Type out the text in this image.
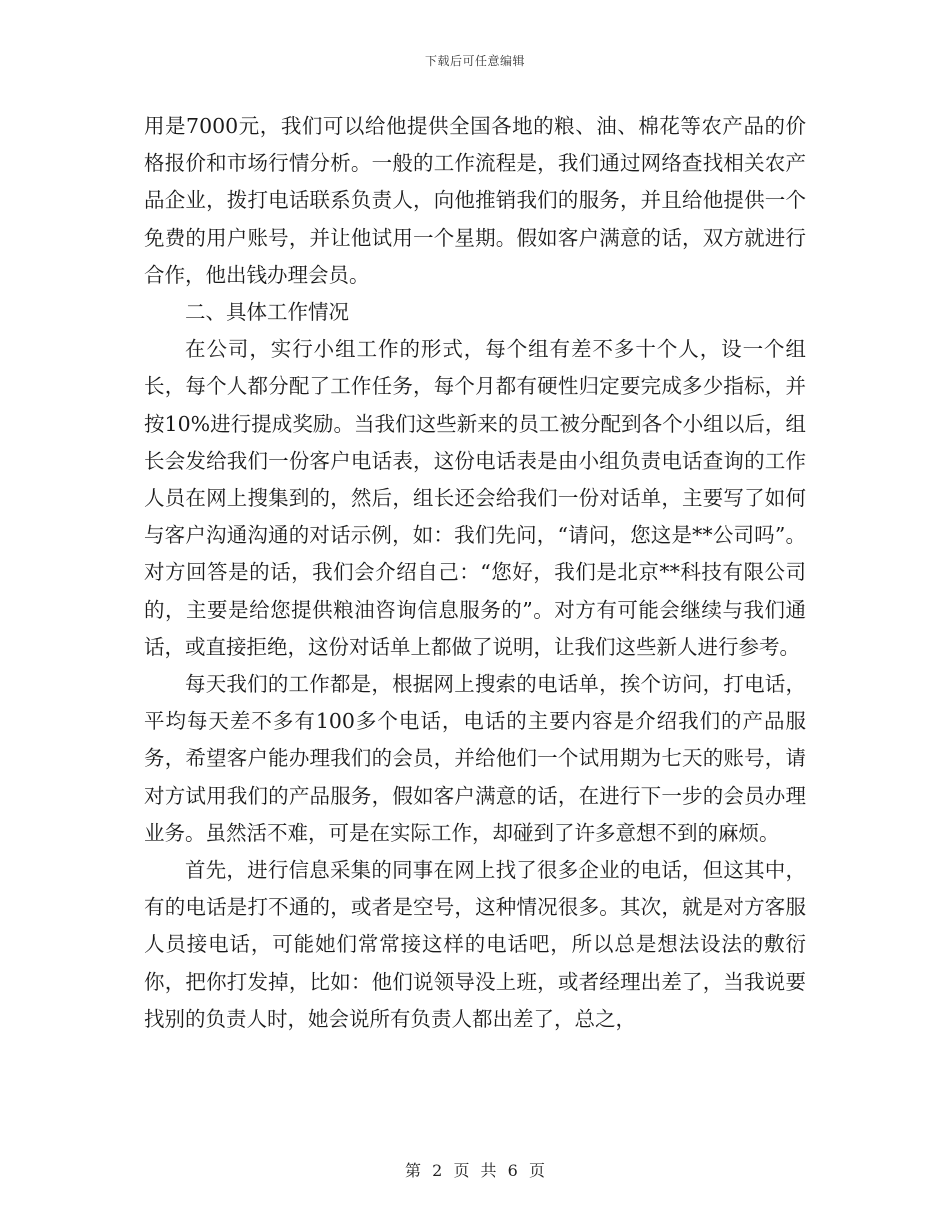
下载后可任意编辑

用是7000元，我们可以给他提供全国各地的粮、油、棉花等农产品的价格报价和市场行情分析。一般的工作流程是，我们通过网络查找相关农产品企业，拨打电话联系负责人，向他推销我们的服务，并且给他提供一个免费的用户账号，并让他试用一个星期。假如客户满意的话，双方就进行合作，他出钱办理会员。

二、具体工作情况

在公司，实行小组工作的形式，每个组有差不多十个人，设一个组长，每个人都分配了工作任务，每个月都有硬性归定要完成多少指标，并按10%进行提成奖励。当我们这些新来的员工被分配到各个小组以后，组长会发给我们一份客户电话表，这份电话表是由小组负责电话查询的工作人员在网上搜集到的，然后，组长还会给我们一份对话单，主要写了如何与客户沟通沟通的对话示例，如：我们先问，“请问，您这是**公司吗”。对方回答是的话，我们会介绍自己：“您好，我们是北京**科技有限公司的，主要是给您提供粮油咨询信息服务的”。对方有可能会继续与我们通话，或直接拒绝，这份对话单上都做了说明，让我们这些新人进行参考。

每天我们的工作都是，根据网上搜索的电话单，挨个访问，打电话，平均每天差不多有100多个电话，电话的主要内容是介绍我们的产品服务，希望客户能办理我们的会员，并给他们一个试用期为七天的账号，请对方试用我们的产品服务，假如客户满意的话，在进行下一步的会员办理业务。虽然活不难，可是在实际工作，却碰到了许多意想不到的麻烦。

首先，进行信息采集的同事在网上找了很多企业的电话，但这其中，有的电话是打不通的，或者是空号，这种情况很多。其次，就是对方客服人员接电话，可能她们常常接这样的电话吧，所以总是想法设法的敷衍你，把你打发掉，比如：他们说领导没上班，或者经理出差了，当我说要找别的负责人时，她会说所有负责人都出差了，总之，

第 2 页 共 6 页
